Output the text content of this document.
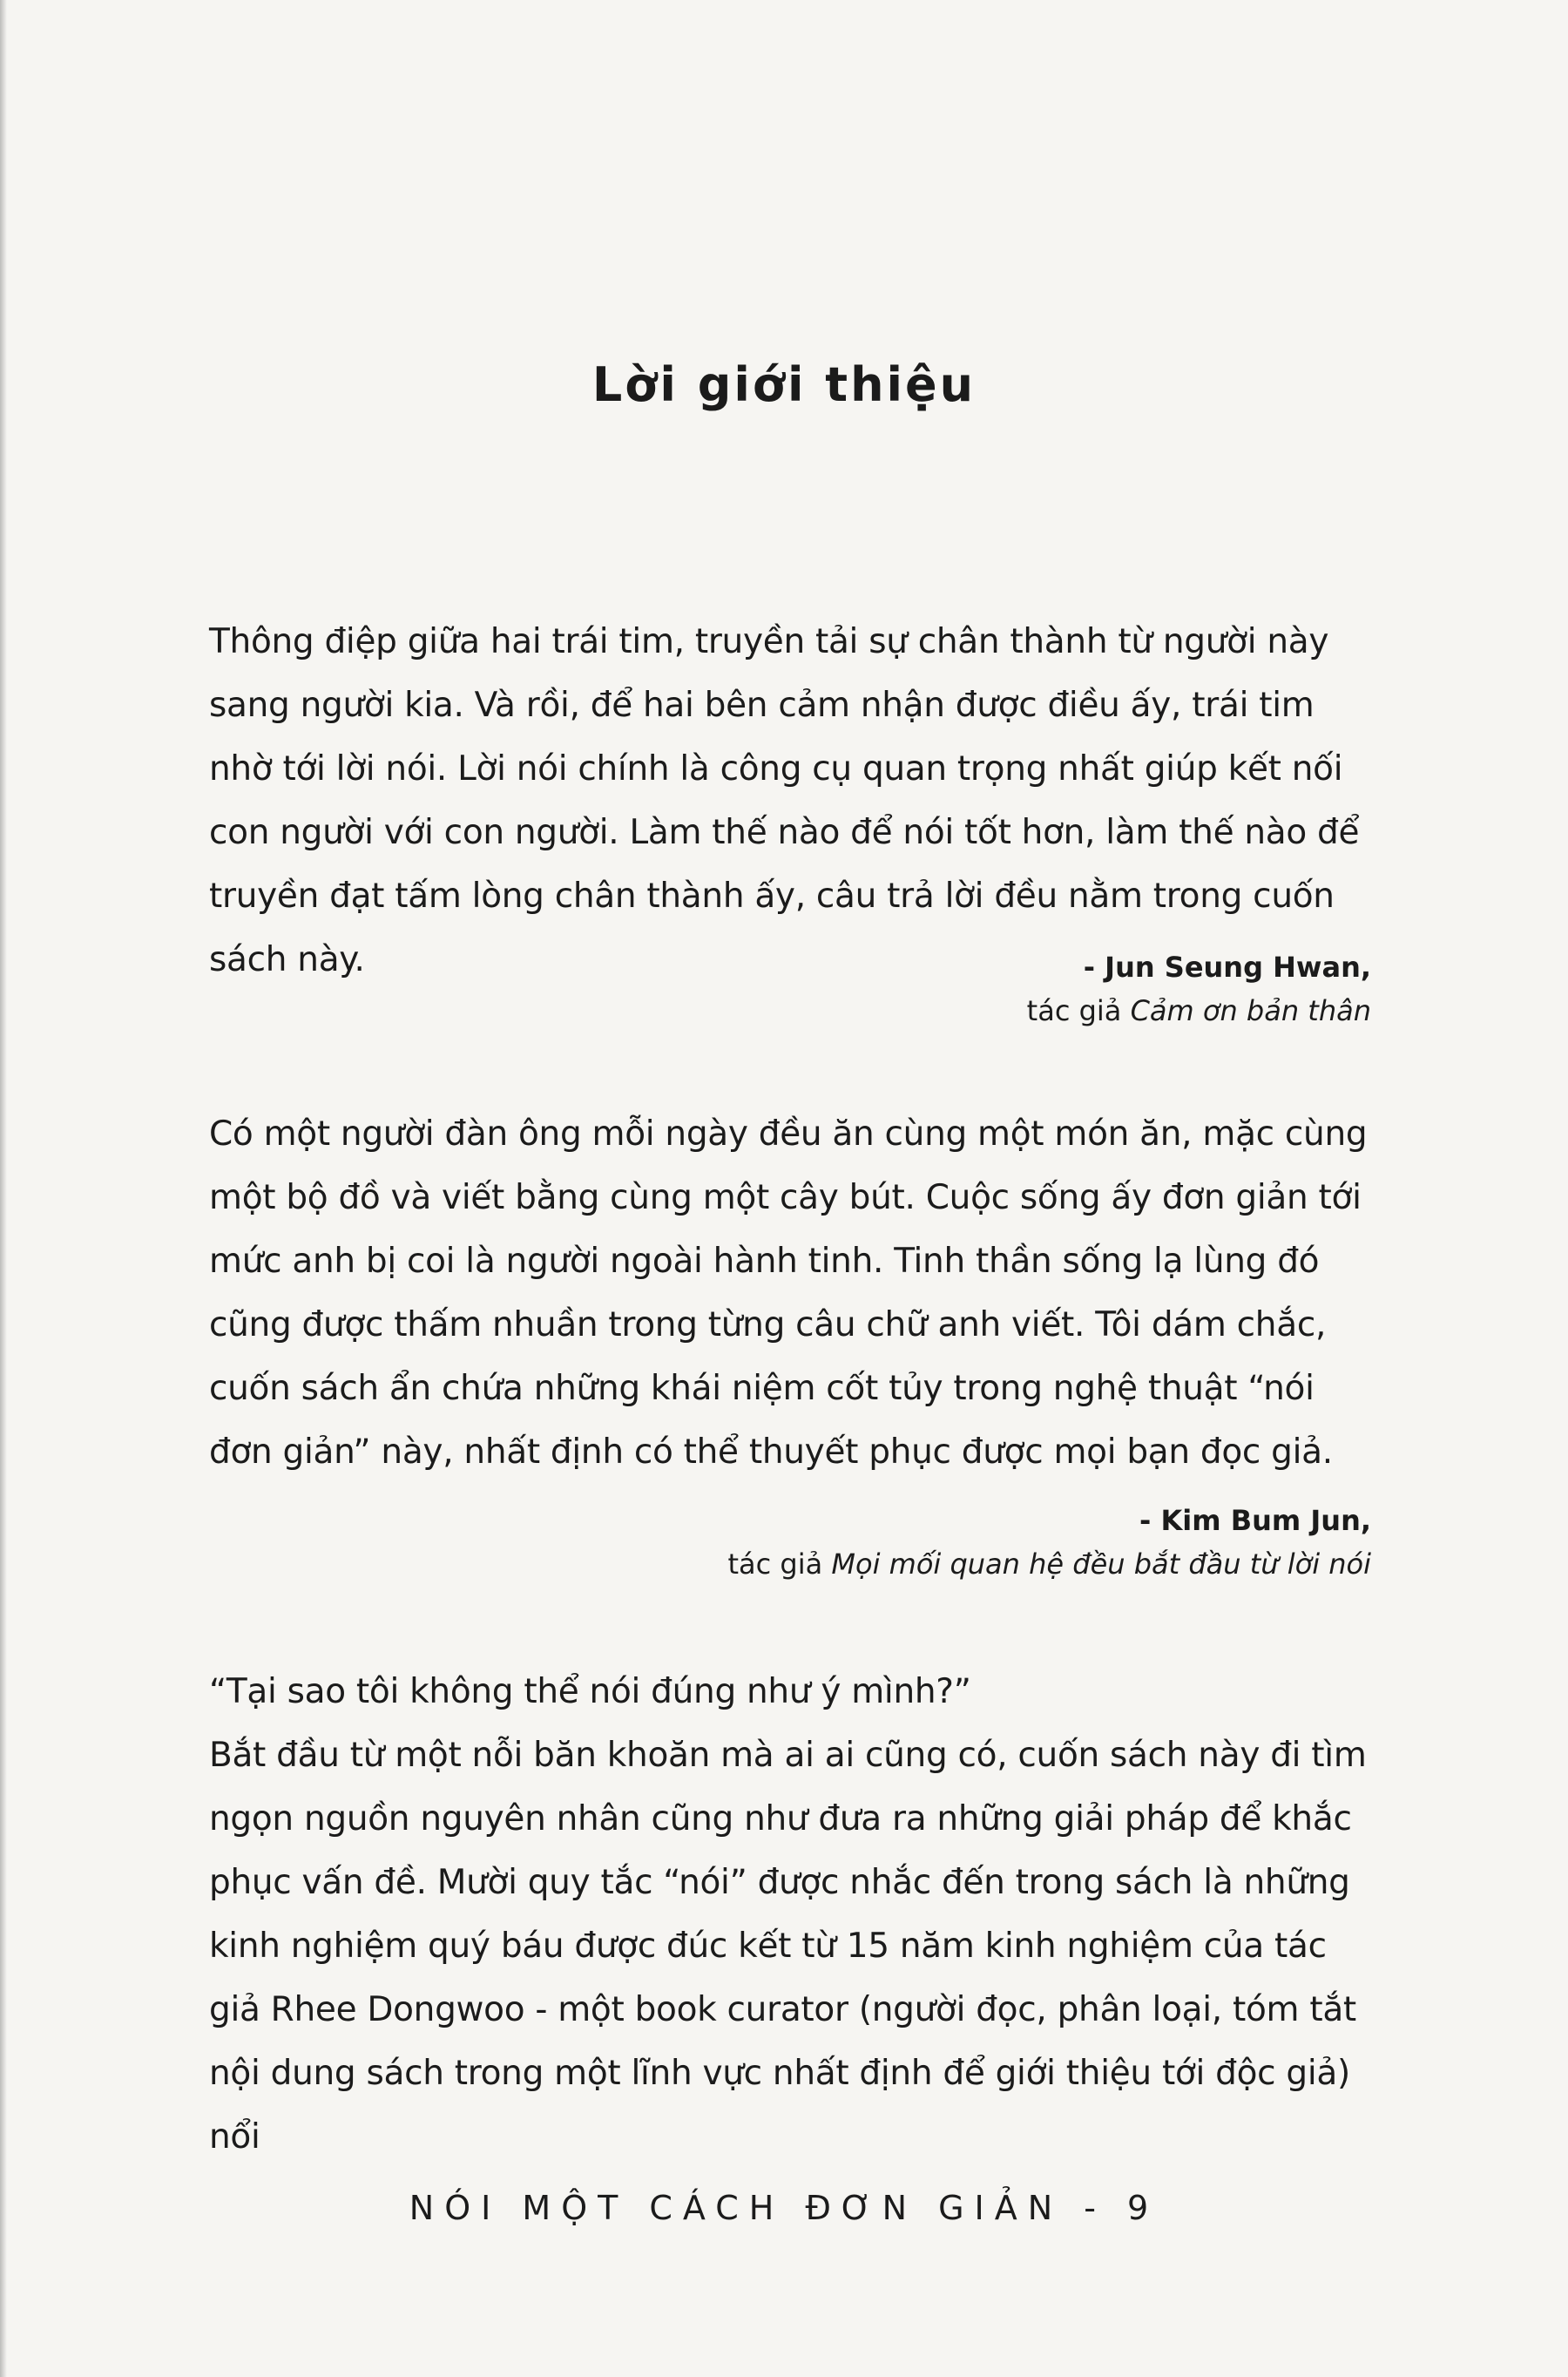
Lời giới thiệu

Thông điệp giữa hai trái tim, truyền tải sự chân thành từ người này sang người kia. Và rồi, để hai bên cảm nhận được điều ấy, trái tim nhờ tới lời nói. Lời nói chính là công cụ quan trọng nhất giúp kết nối con người với con người. Làm thế nào để nói tốt hơn, làm thế nào để truyền đạt tấm lòng chân thành ấy, câu trả lời đều nằm trong cuốn sách này.	- Jun Seung Hwan,
tác giả Cảm ơn bản thân

Có một người đàn ông mỗi ngày đều ăn cùng một món ăn, mặc cùng một bộ đồ và viết bằng cùng một cây bút. Cuộc sống ấy đơn giản tới mức anh bị coi là người ngoài hành tinh. Tinh thần sống lạ lùng đó cũng được thấm nhuần trong từng câu chữ anh viết. Tôi dám chắc, cuốn sách ẩn chứa những khái niệm cốt tủy trong nghệ thuật “nói đơn giản” này, nhất định có thể thuyết phục được mọi bạn đọc giả.

- Kim Bum Jun,
tác giả Mọi mối quan hệ đều bắt đầu từ lời nói
“Tại sao tôi không thể nói đúng như ý mình?”
Bắt đầu từ một nỗi băn khoăn mà ai ai cũng có, cuốn sách này đi tìm ngọn nguồn nguyên nhân cũng như đưa ra những giải pháp để khắc phục vấn đề. Mười quy tắc “nói” được nhắc đến trong sách là những kinh nghiệm quý báu được đúc kết từ 15 năm kinh nghiệm của tác giả Rhee Dongwoo - một book curator (người đọc, phân loại, tóm tắt nội dung sách trong một lĩnh vực nhất định để giới thiệu tới độc giả) nổi
NÓI MỘT CÁCH ĐƠN GIẢN - 9
